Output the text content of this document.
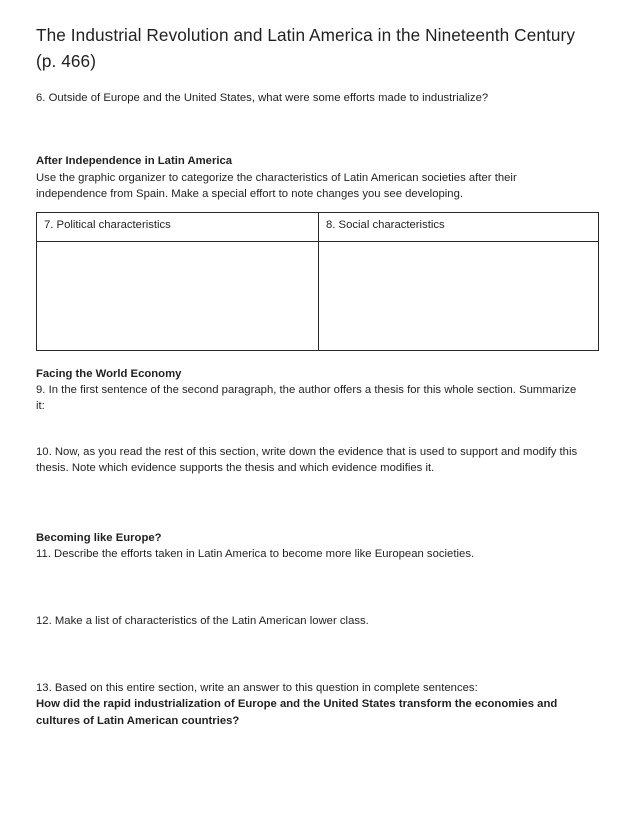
The Industrial Revolution and Latin America in the Nineteenth Century (p. 466)

6. Outside of Europe and the United States, what were some efforts made to industrialize?

After Independence in Latin America

Use the graphic organizer to categorize the characteristics of Latin American societies after their independence from Spain. Make a special effort to note changes you see developing.

7. Political characteristics	8. Social characteristics

Facing the World Economy

9. In the first sentence of the second paragraph, the author offers a thesis for this whole section. Summarize it:

10. Now, as you read the rest of this section, write down the evidence that is used to support and modify this thesis. Note which evidence supports the thesis and which evidence modifies it.

Becoming like Europe?

11. Describe the efforts taken in Latin America to become more like European societies.

12. Make a list of characteristics of the Latin American lower class.

13. Based on this entire section, write an answer to this question in complete sentences:

How did the rapid industrialization of Europe and the United States transform the economies and cultures of Latin American countries?
